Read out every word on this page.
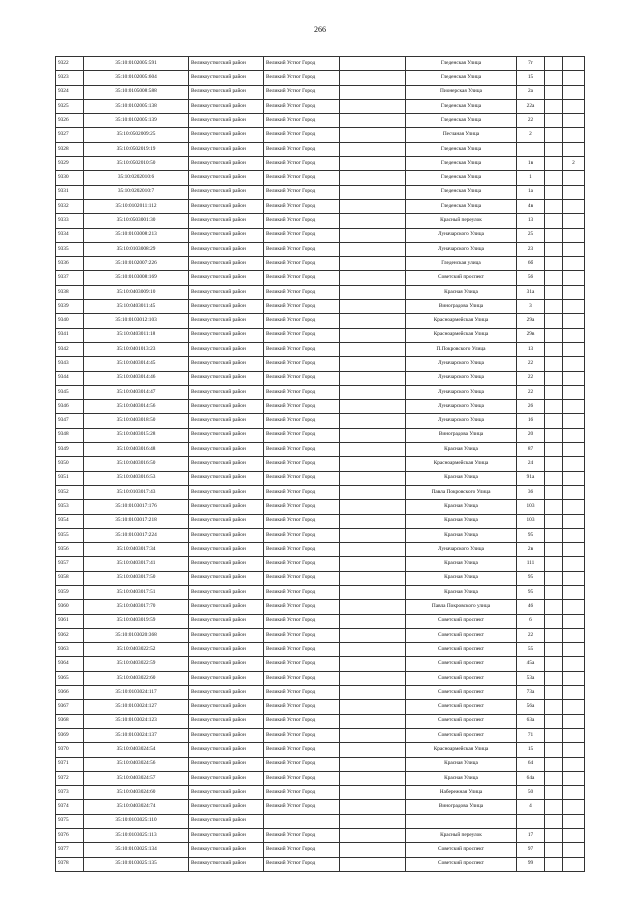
266
9322	35:10:0102005:591	Великоустюгский район	Великий Устюг Город		Гледенская Улица	7г		
9323	35:10:0102005:604	Великоустюгский район	Великий Устюг Город		Гледенская Улица	15		
9324	35:10:0105008:588	Великоустюгский район	Великий Устюг Город		Пионерская Улица	2а		
9325	35:10:0102005:138	Великоустюгский район	Великий Устюг Город		Гледенская Улица	22а		
9326	35:10:0102005:139	Великоустюгский район	Великий Устюг Город		Гледенская Улица	22		
9327	35:10:0502009:25	Великоустюгский район	Великий Устюг Город		Песчаная Улица	2		
9328	35:10:0502019:19	Великоустюгский район	Великий Устюг Город		Гледенская Улица			
9329	35:10:0502010:50	Великоустюгский район	Великий Устюг Город		Гледенская Улица	1в		2
9330	35:10:0202010:6	Великоустюгский район	Великий Устюг Город		Гледенская Улица	1		
9331	35:10:0202010:7	Великоустюгский район	Великий Устюг Город		Гледенская Улица	1а		
9332	35:10:0102011:112	Великоустюгский район	Великий Устюг Город		Гледенская Улица	4в		
9333	35:10:0503001:30	Великоустюгский район	Великий Устюг Город		Красный переулок	13		
9334	35:10:0103008:213	Великоустюгский район	Великий Устюг Город		Луначарского Улица	25		
9335	35:10:0103008:29	Великоустюгский район	Великий Устюг Город		Луначарского Улица	23		
9336	35:10:0102007:226	Великоустюгский район	Великий Устюг Город		Гледенская улица	6б		
9337	35:10:0103008:169	Великоустюгский район	Великий Устюг Город		Советский проспект	56		
9338	35:10:0403009:10	Великоустюгский район	Великий Устюг Город		Красная Улица	31а		
9339	35:10:0403011:45	Великоустюгский район	Великий Устюг Город		Виноградова Улица	3		
9340	35:10:0103012:103	Великоустюгский район	Великий Устюг Город		Красноармейская Улица	29а		
9341	35:10:0403011:18	Великоустюгский район	Великий Устюг Город		Красноармейская Улица	29в		
9342	35:10:0401013:23	Великоустюгский район	Великий Устюг Город		П.Покровского Улица	13		
9343	35:10:0403014:45	Великоустюгский район	Великий Устюг Город		Луначарского Улица	22		
9344	35:10:0403014:46	Великоустюгский район	Великий Устюг Город		Луначарского Улица	22		
9345	35:10:0403014:47	Великоустюгский район	Великий Устюг Город		Луначарского Улица	22		
9346	35:10:0403014:56	Великоустюгский район	Великий Устюг Город		Луначарского Улица	26		
9347	35:10:0403018:50	Великоустюгский район	Великий Устюг Город		Луначарского Улица	16		
9348	35:10:0403015:28	Великоустюгский район	Великий Устюг Город		Виноградова Улица	20		
9349	35:10:0403016:48	Великоустюгский район	Великий Устюг Город		Красная Улица	87		
9350	35:10:0403016:50	Великоустюгский район	Великий Устюг Город		Красноармейская Улица	24		
9351	35:10:0403016:53	Великоустюгский район	Великий Устюг Город		Красная Улица	91а		
9352	35:10:0103017:43	Великоустюгский район	Великий Устюг Город		Павла Покровского Улица	36		
9353	35:10:0103017:176	Великоустюгский район	Великий Устюг Город		Красная Улица	103		
9354	35:10:0103017:218	Великоустюгский район	Великий Устюг Город		Красная Улица	103		
9355	35:10:0103017:224	Великоустюгский район	Великий Устюг Город		Красная Улица	95		
9356	35:10:0403017:34	Великоустюгский район	Великий Устюг Город		Луначарского Улица	2в		
9357	35:10:0403017:41	Великоустюгский район	Великий Устюг Город		Красная Улица	111		
9358	35:10:0403017:50	Великоустюгский район	Великий Устюг Город		Красная Улица	95		
9359	35:10:0403017:51	Великоустюгский район	Великий Устюг Город		Красная Улица	95		
9360	35:10:0403017:70	Великоустюгский район	Великий Устюг Город		Павла Покровского улица	46		
9361	35:10:0403019:59	Великоустюгский район	Великий Устюг Город		Советский проспект	6		
9362	35:10:0103020:368	Великоустюгский район	Великий Устюг Город		Советский проспект	22		
9363	35:10:0403022:52	Великоустюгский район	Великий Устюг Город		Советский проспект	55		
9364	35:10:0403022:59	Великоустюгский район	Великий Устюг Город		Советский проспект	45а		
9365	35:10:0403022:60	Великоустюгский район	Великий Устюг Город		Советский проспект	53а		
9366	35:10:0103024:117	Великоустюгский район	Великий Устюг Город		Советский проспект	73а		
9367	35:10:0103024:127	Великоустюгский район	Великий Устюг Город		Советский проспект	56а		
9368	35:10:0103024:123	Великоустюгский район	Великий Устюг Город		Советский проспект	63а		
9369	35:10:0103024:137	Великоустюгский район	Великий Устюг Город		Советский проспект	71		
9370	35:10:0403024:54	Великоустюгский район	Великий Устюг Город		Красноармейская Улица	15		
9371	35:10:0403024:56	Великоустюгский район	Великий Устюг Город		Красная Улица	64		
9372	35:10:0403024:57	Великоустюгский район	Великий Устюг Город		Красная Улица	64а		
9373	35:10:0403024:60	Великоустюгский район	Великий Устюг Город		Набережная Улица	50		
9374	35:10:0403024:74	Великоустюгский район	Великий Устюг Город		Виноградова Улица	4		
9375	35:10:0103025:110	Великоустюгский район						
9376	35:10:0103025:113	Великоустюгский район	Великий Устюг Город		Красный переулок	17		
9377	35:10:0103025:134	Великоустюгский район	Великий Устюг Город		Советский проспект	97		
9378	35:10:0103025:135	Великоустюгский район	Великий Устюг Город		Советский проспект	99		
